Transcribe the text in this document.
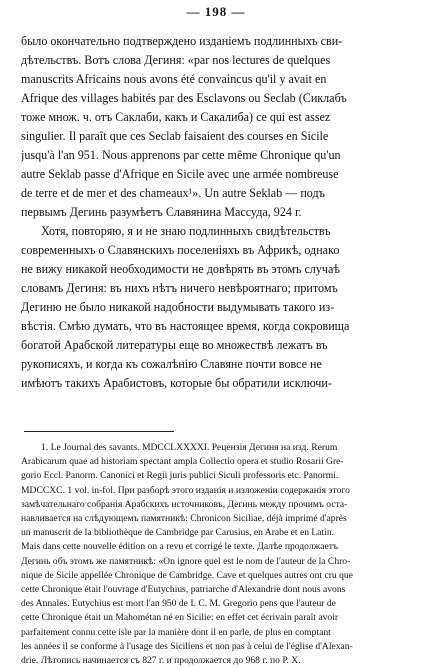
— 198 —

было окончательно подтверждено изданіемъ подлинныхъ сви-
дѣтельствъ. Вотъ слова Дегиня: «par nos lectures de quelques
manuscrits Africains nous avons été convaincus qu'il y avait en
Afrique des villages habités par des Esclavons ou Seclab (Сиклабъ
тоже множ. ч. отъ Саклаби, какъ и Сакалиба) ce qui est assez
singulier. Il paraît que ces Seclab faisaient des courses en Sicile
jusqu'à l'an 951. Nous apprenons par cette même Chronique qu'un
autre Seklab passe d'Afrique en Sicile avec une armée nombreuse
de terre et de mer et des chameaux¹». Un autre Seklab — подъ
первымъ Дегинь разумѣетъ Славянина Массуда, 924 г.

Хотя, повторяю, я и не знаю подлинныхъ свидѣтельствъ
современныхъ о Славянскихъ поселеніяхъ въ Африкѣ, однако
не вижу никакой необходимости не довѣрять въ этомъ случаѣ
словамъ Дегиня: въ нихъ нѣтъ ничего невѣроятнаго; притомъ
Дегиню не было никакой надобности выдумывать такого из-
вѣстія. Смѣю думать, что въ настоящее время, когда сокровища
богатой Арабской литературы еще во множествѣ лежатъ въ
рукописяхъ, и когда къ сожалѣнію Славяне почти вовсе не
имѣютъ такихъ Арабистовъ, которые бы обратили исключи-

1. Le Journal des savants. MDCCLXXXXI. Рецензія Дегиня на изд. Rerum
Arabicarum quae ad historiam spectant ampla Collectio opera et studio Rosarii Gre-
gorio Eccl. Panorm. Canonici et Regii juris publici Siculi professoris etc. Panormi.
MDCCXC. 1 vol. in-fol. При разборѣ этого изданія и изложеніи содержанія этого
замѣчательнаго собранія Арабскихъ источниковъ, Дегинь между прочимъ оста-
навливается на слѣдующемъ памятникѣ: Chronicon Siciliae, déjà imprimé d'après
un manuscrit de la bibliothèque de Cambridge par Carusius, en Arabe et en Latin.
Mais dans cette nouvelle édition on a revu et corrigé le texte. Далѣе продолжаетъ
Дегинь объ этомъ же памятникѣ: «On ignore quel est le nom de l'auteur de la Chro-
nique de Sicile appellée Chronique de Cambridge. Cave et quelques autres ont cru que
cette Chronique était l'ouvrage d'Eutychius, patriarche d'Alexandrie dont nous avons
des Annales. Eutychius est mort l'an 950 de I. C. M. Gregorio pens que l'auteur de
cette Chronique était un Mahométan né en Sicilie: en effet cet écrivain paraît avoir
parfaitement connu cette isle par la manière dont il en parle, de plus en comptant
les années il se conforme à l'usage des Siciliens et non pas à celui de l'église d'Alexan-
drie. Лѣтопись начинается съ 827 г. и продолжается до 968 г. по Р. Х.
